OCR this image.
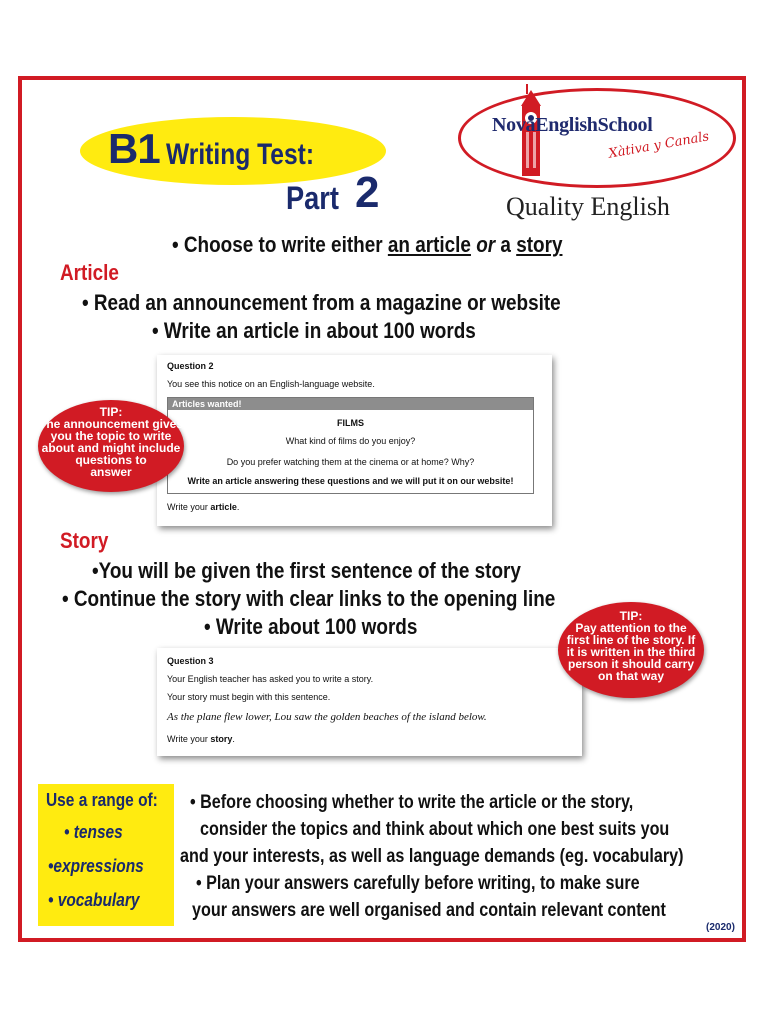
B1 Writing Test:
Part 2
NovaEnglishSchool
Xàtiva y Canals
Quality English
• Choose to write either an article or a story
Article
• Read an announcement from a magazine or website
• Write an article in about 100 words
Question 2
You see this notice on an English-language website.
Articles wanted!
FILMS
What kind of films do you enjoy?
Do you prefer watching them at the cinema or at home? Why?
Write an article answering these questions and we will put it on our website!
Write your article.
TIP:
The announcement gives
you the topic to write
about and might include
questions to
answer
Story
•You will be given the first sentence of the story
• Continue the story with clear links to the opening line
• Write about 100 words
Question 3
Your English teacher has asked you to write a story.
Your story must begin with this sentence.
As the plane flew lower, Lou saw the golden beaches of the island below.
Write your story.
TIP:
Pay attention to the
first line of the story. If
it is written in the third
person it should carry
on that way
Use a range of:
• tenses
•expressions
• vocabulary
• Before choosing whether to write the article or the story,
consider the topics and think about which one best suits you
and your interests, as well as language demands (eg. vocabulary)
• Plan your answers carefully before writing, to make sure
your answers are well organised and contain relevant content
(2020)
